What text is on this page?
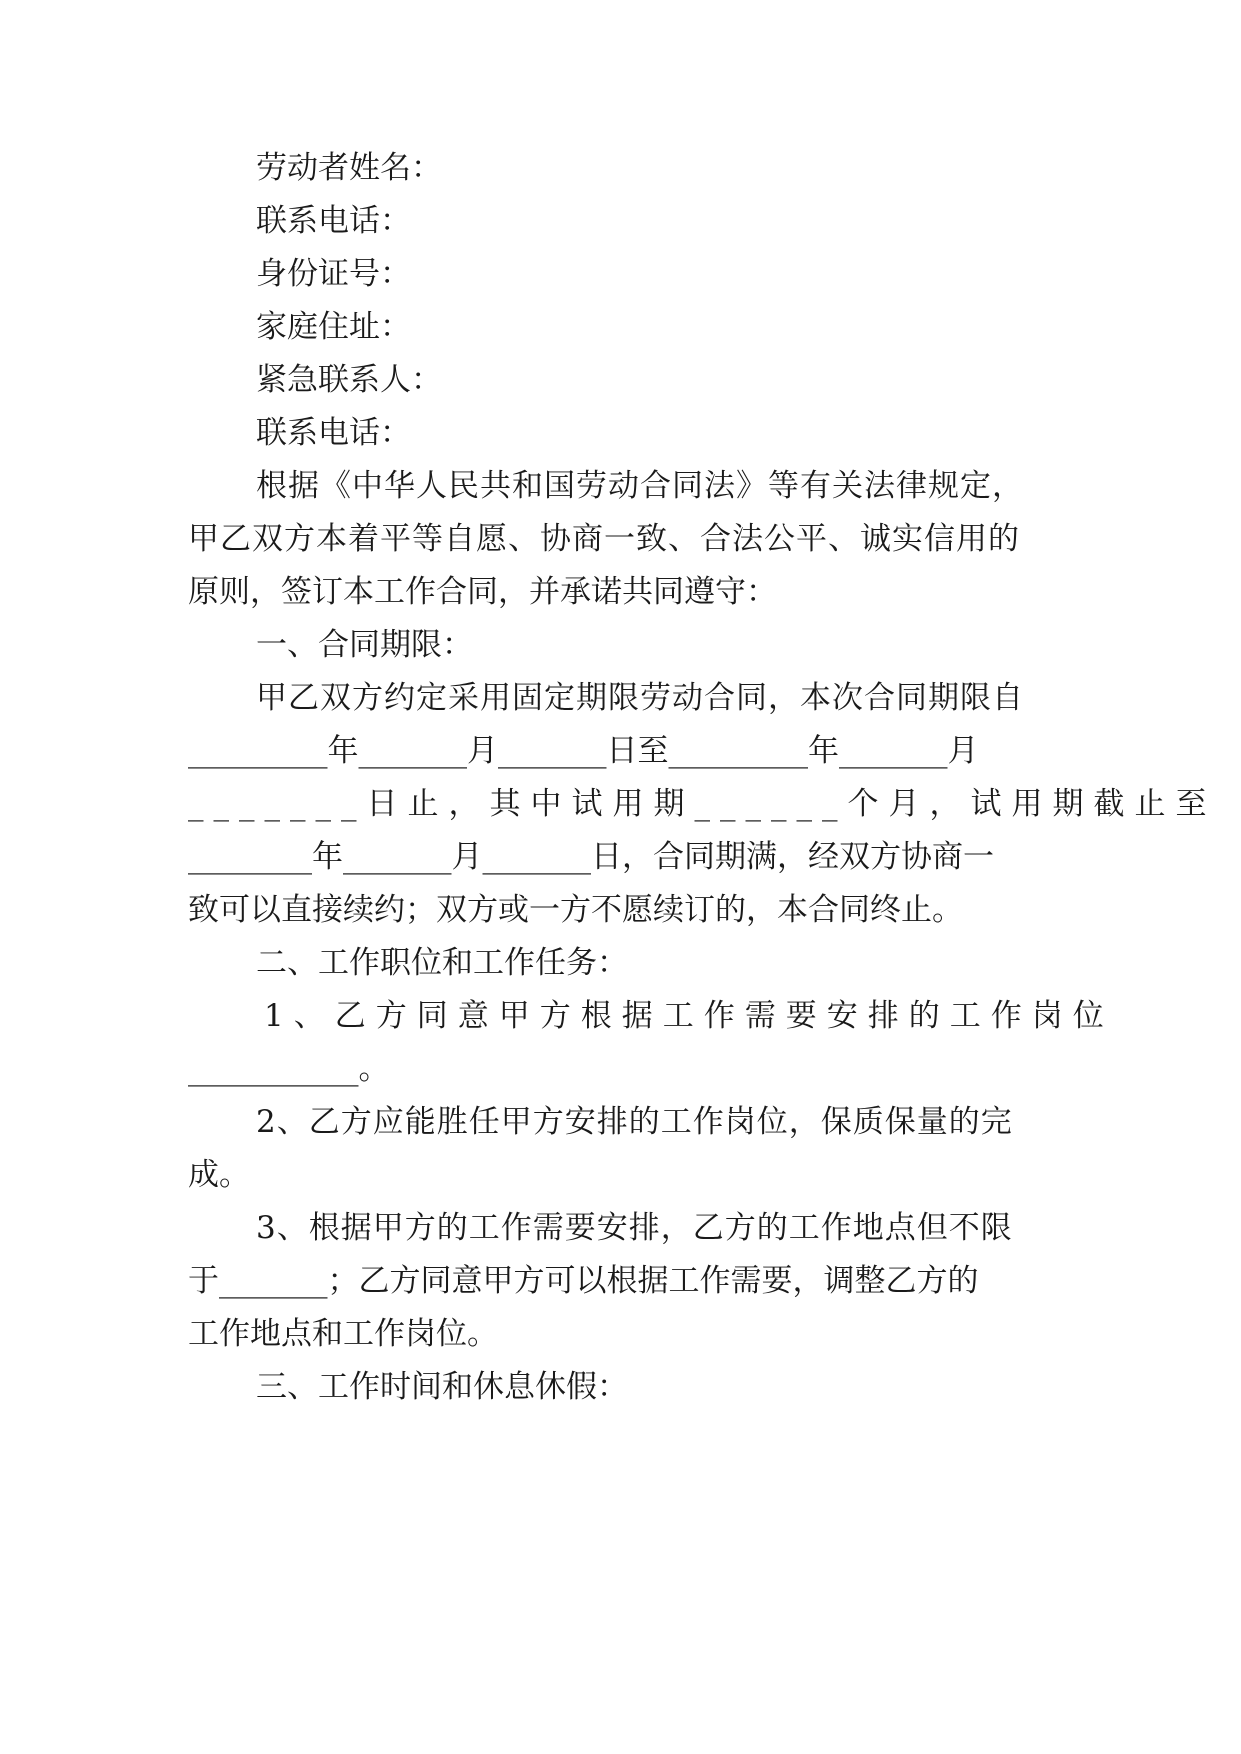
劳动者姓名：

联系电话：

身份证号：

家庭住址：

紧急联系人：

联系电话：

根据《中华人民共和国劳动合同法》等有关法律规定，

甲乙双方本着平等自愿、协商一致、合法公平、诚实信用的

原则，签订本工作合同，并承诺共同遵守：

一、合同期限：

甲乙双方约定采用固定期限劳动合同，本次合同期限自

_________年_______月_______日至_________年_______月

_______日止，其中试用期______个月，试用期截止至

________年_______月_______日，合同期满，经双方协商一

致可以直接续约；双方或一方不愿续订的，本合同终止。

二、工作职位和工作任务：

1、乙方同意甲方根据工作需要安排的工作岗位

___________。

2、乙方应能胜任甲方安排的工作岗位，保质保量的完

成。

3、根据甲方的工作需要安排，乙方的工作地点但不限

于_______；乙方同意甲方可以根据工作需要，调整乙方的

工作地点和工作岗位。

三、工作时间和休息休假：
